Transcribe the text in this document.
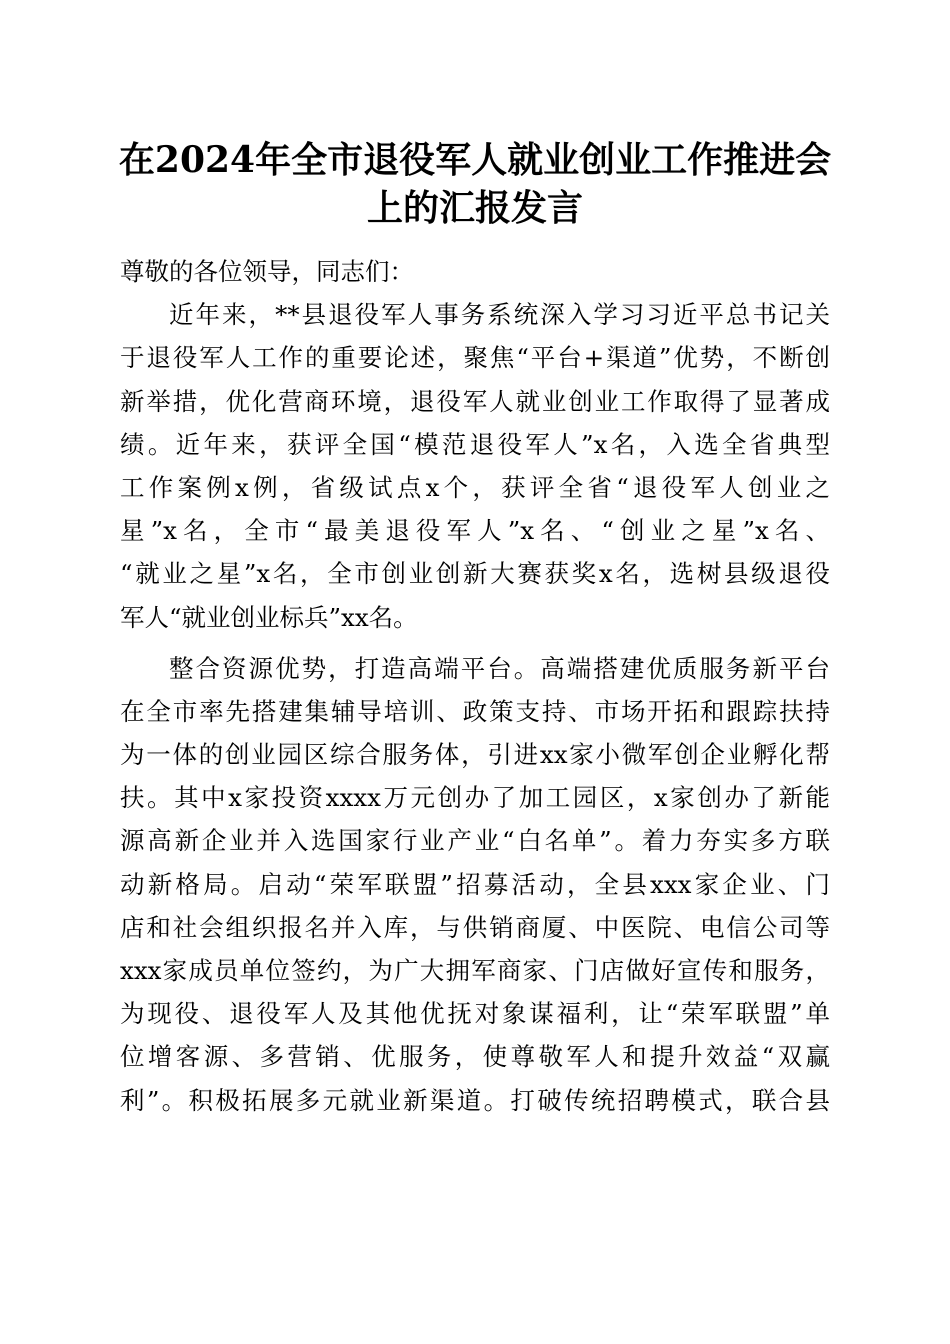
在2024年全市退役军人就业创业工作推进会
上的汇报发言
尊敬的各位领导，同志们：
近年来，**县退役军人事务系统深入学习习近平总书记关
于退役军人工作的重要论述，聚焦“平台+渠道”优势，不断创
新举措，优化营商环境，退役军人就业创业工作取得了显著成
绩。近年来，获评全国“模范退役军人”x名，入选全省典型
工作案例x例，省级试点x个，获评全省“退役军人创业之
星”x名，全市“最美退役军人”x名、“创业之星”x名、
“就业之星”x名，全市创业创新大赛获奖x名，选树县级退役
军人“就业创业标兵”xx名。
整合资源优势，打造高端平台。高端搭建优质服务新平台
在全市率先搭建集辅导培训、政策支持、市场开拓和跟踪扶持
为一体的创业园区综合服务体，引进xx家小微军创企业孵化帮
扶。其中x家投资xxxx万元创办了加工园区，x家创办了新能
源高新企业并入选国家行业产业“白名单”。着力夯实多方联
动新格局。启动“荣军联盟”招募活动，全县xxx家企业、门
店和社会组织报名并入库，与供销商厦、中医院、电信公司等
xxx家成员单位签约，为广大拥军商家、门店做好宣传和服务，
为现役、退役军人及其他优抚对象谋福利，让“荣军联盟”单
位增客源、多营销、优服务，使尊敬军人和提升效益“双赢
利”。积极拓展多元就业新渠道。打破传统招聘模式，联合县
